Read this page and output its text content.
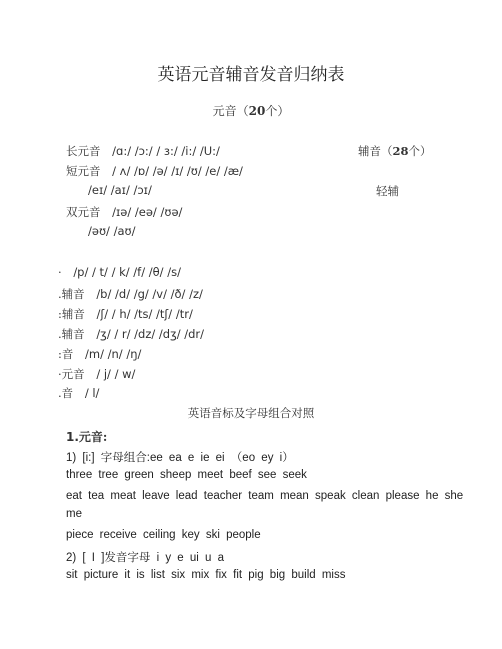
英语元音辅音发音归纳表
元音（20个）
长元音 /ɑ:/ /ɔ:/ / ɜ:/ /i:/ /U:/	辅音（28个）
短元音 / ʌ/ /ɒ/ /ə/ /ɪ/ /ʊ/ /e/ /æ/
/eɪ/ /aɪ/ /ɔɪ/	轻辅
双元音 /ɪə/ /eə/ /ʊə/
/əʊ/ /aʊ/
· /p/ / t/ / k/ /f/ /θ/ /s/
.辅音 /b/ /d/ /g/ /v/ /ð/ /z/
:辅音 /ʃ/ / h/ /ts/ /tʃ/ /tr/
.辅音 /ʒ/ / r/ /dz/ /dʒ/ /dr/
:音 /m/ /n/ /ŋ/
·元音 / j/ / w/
.音 / l/
英语音标及字母组合对照
1.元音:
1) [i:] 字母组合:ee ea e ie ei （eo ey i）
three tree green sheep meet beef see seek
eat tea meat leave lead teacher team mean speak clean please he she me
piece receive ceiling key ski people
2) [ I ]发音字母 i y e ui u a
sit picture it is list six mix fix fit pig big build miss
